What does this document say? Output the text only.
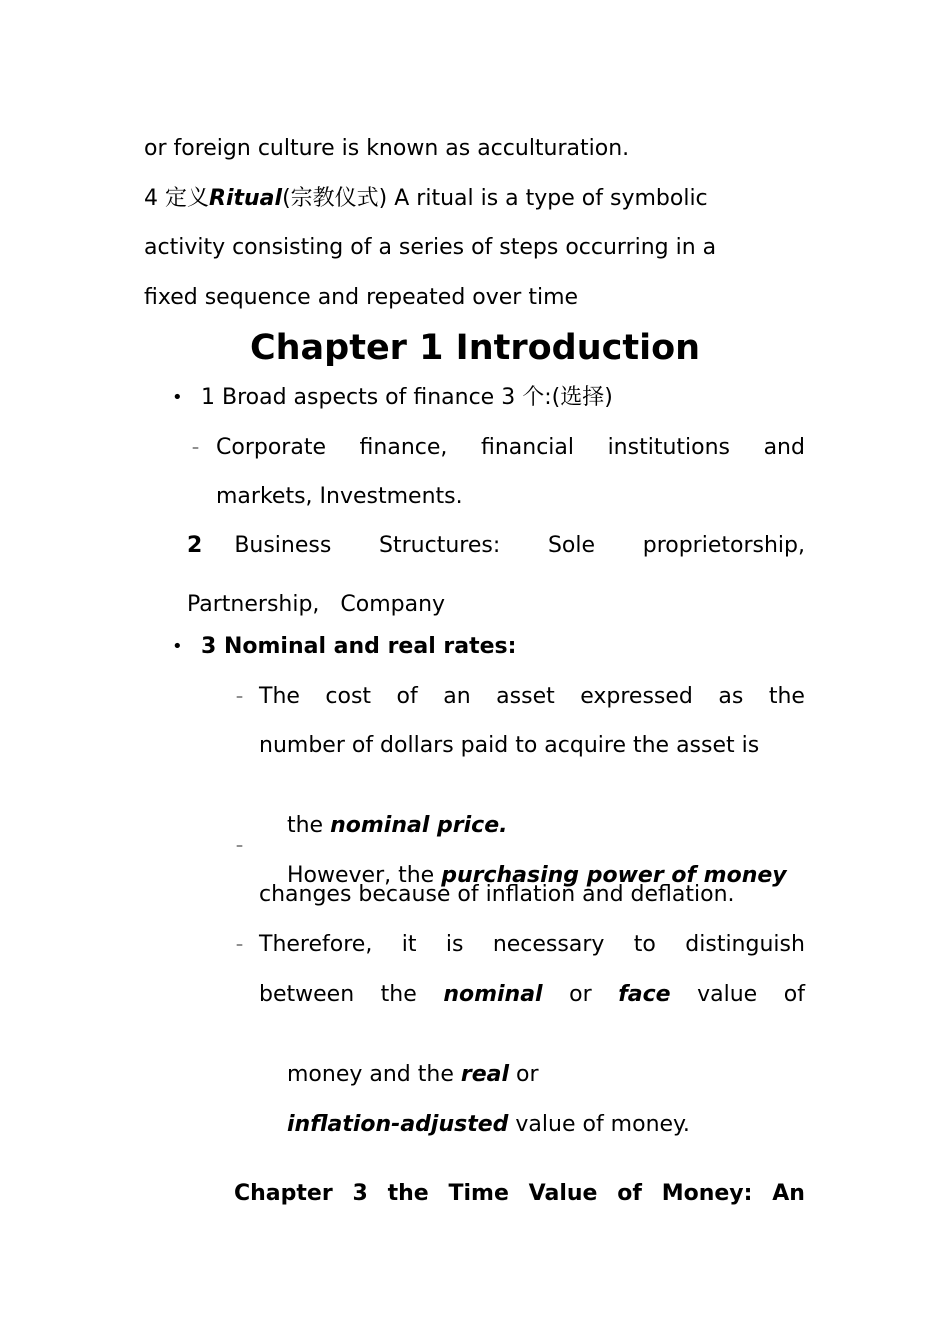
or foreign culture is known as acculturation.
4 定义Ritual(宗教仪式) A ritual is a type of symbolic
activity consisting of a series of steps occurring in a
fixed sequence and repeated over time
Chapter 1 Introduction
• 1 Broad aspects of finance 3 个:(选择)
– Corporate finance, financial institutions and
markets, Investments.
2 Business Structures: Sole proprietorship,
Partnership,   Company
• 3 Nominal and real rates:
– The cost of an asset expressed as the
number of dollars paid to acquire the asset is

the nominal price.

–

However, the purchasing power of money

changes because of inflation and deflation.
– Therefore, it is necessary to distinguish
between the nominal or face value of

money and the real or

inflation-adjusted value of money.

Chapter 3 the Time Value of Money: An
